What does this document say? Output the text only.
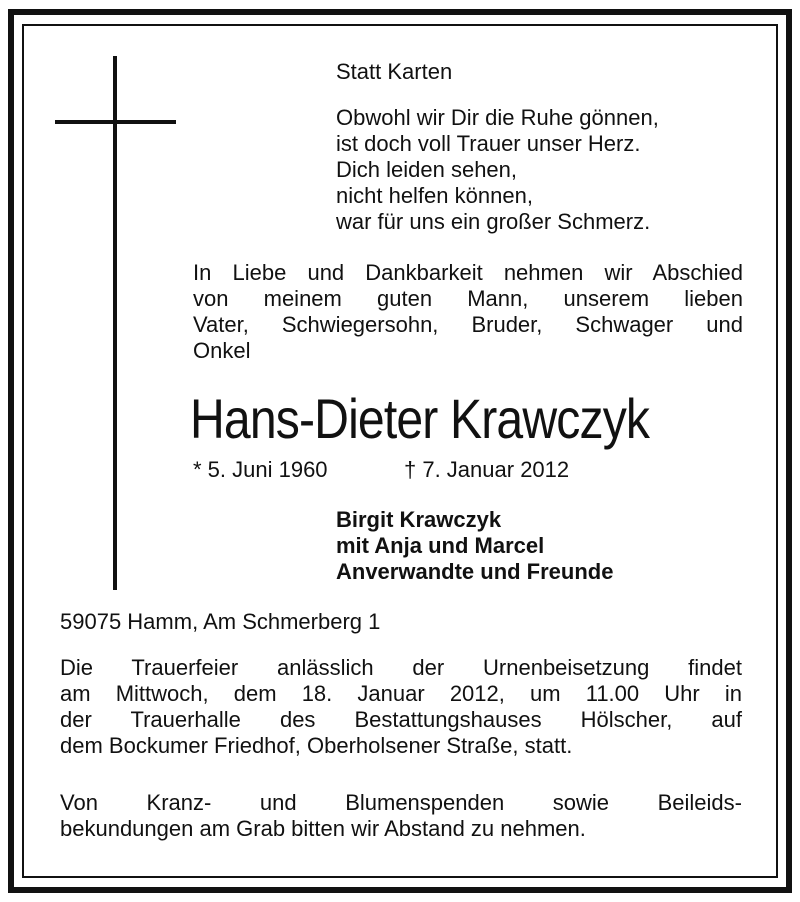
Statt Karten

Obwohl wir Dir die Ruhe gönnen,
ist doch voll Trauer unser Herz.
Dich leiden sehen,
nicht helfen können,
war für uns ein großer Schmerz.
In Liebe und Dankbarkeit nehmen wir Abschied
von meinem guten Mann, unserem lieben
Vater, Schwiegersohn, Bruder, Schwager und
Onkel
Hans-Dieter Krawczyk

* 5. Juni 1960	† 7. Januar 2012

Birgit Krawczyk
mit Anja und Marcel
Anverwandte und Freunde

59075 Hamm, Am Schmerberg 1

Die Trauerfeier anlässlich der Urnenbeisetzung findet
am Mittwoch, dem 18. Januar 2012, um 11.00 Uhr in
der Trauerhalle des Bestattungshauses Hölscher, auf
dem Bockumer Friedhof, Oberholsener Straße, statt.
Von Kranz- und Blumenspenden sowie Beileids-
bekundungen am Grab bitten wir Abstand zu nehmen.
